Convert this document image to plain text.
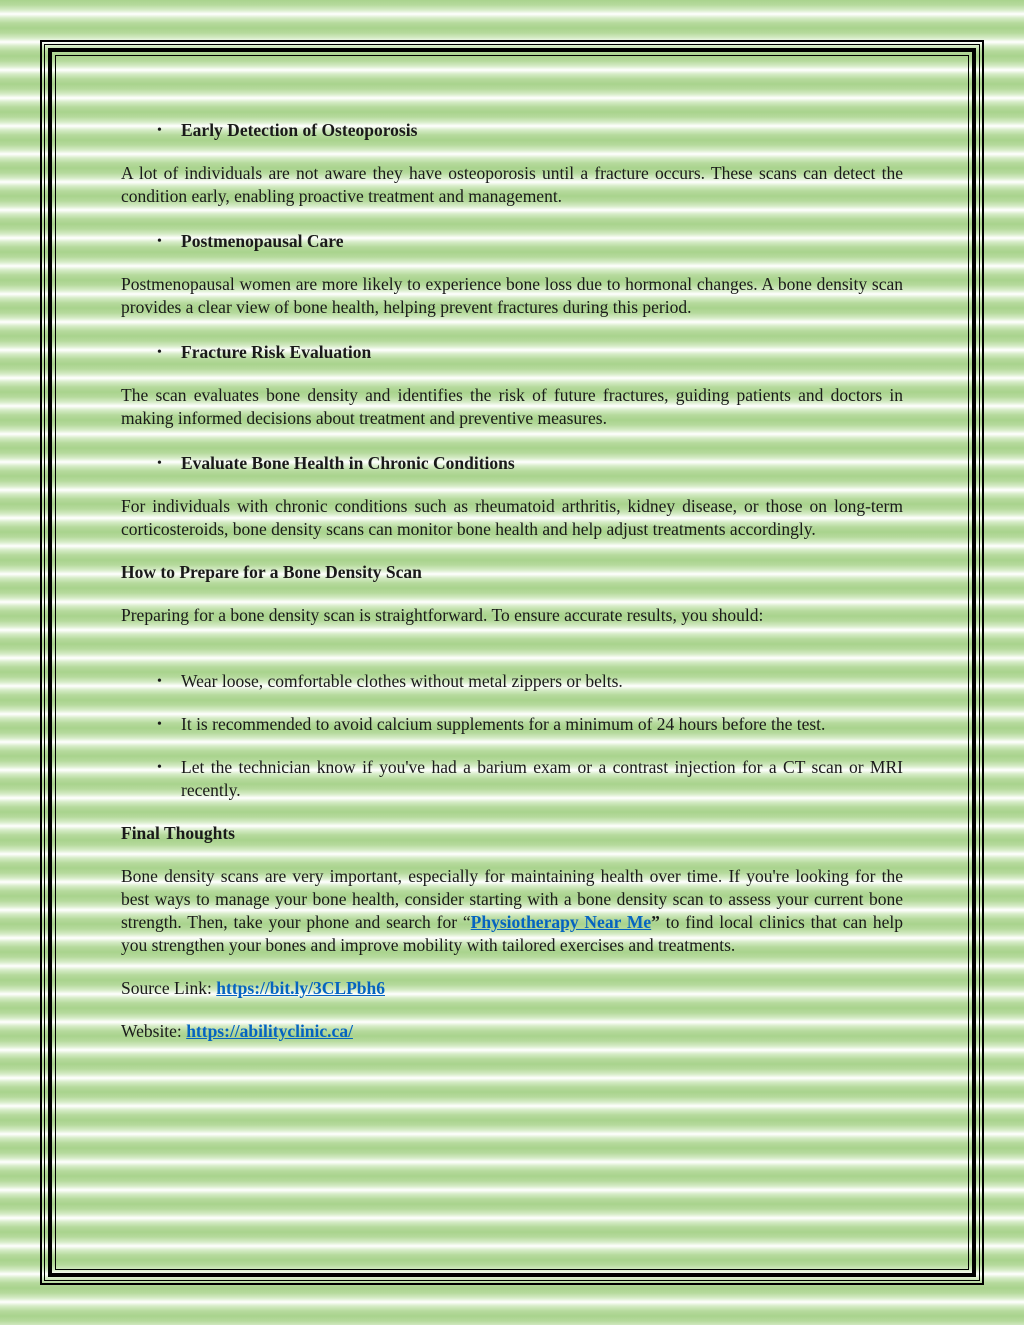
• Early Detection of Osteoporosis

A lot of individuals are not aware they have osteoporosis until a fracture occurs. These scans can detect the condition early, enabling proactive treatment and management.

• Postmenopausal Care

Postmenopausal women are more likely to experience bone loss due to hormonal changes. A bone density scan provides a clear view of bone health, helping prevent fractures during this period.

• Fracture Risk Evaluation

The scan evaluates bone density and identifies the risk of future fractures, guiding patients and doctors in making informed decisions about treatment and preventive measures.

• Evaluate Bone Health in Chronic Conditions

For individuals with chronic conditions such as rheumatoid arthritis, kidney disease, or those on long-term corticosteroids, bone density scans can monitor bone health and help adjust treatments accordingly.

How to Prepare for a Bone Density Scan

Preparing for a bone density scan is straightforward. To ensure accurate results, you should:

• Wear loose, comfortable clothes without metal zippers or belts.

• It is recommended to avoid calcium supplements for a minimum of 24 hours before the test.

• Let the technician know if you've had a barium exam or a contrast injection for a CT scan or MRI recently.

Final Thoughts

Bone density scans are very important, especially for maintaining health over time. If you're looking for the best ways to manage your bone health, consider starting with a bone density scan to assess your current bone strength. Then, take your phone and search for “Physiotherapy Near Me” to find local clinics that can help you strengthen your bones and improve mobility with tailored exercises and treatments.

Source Link: https://bit.ly/3CLPbh6

Website: https://abilityclinic.ca/
